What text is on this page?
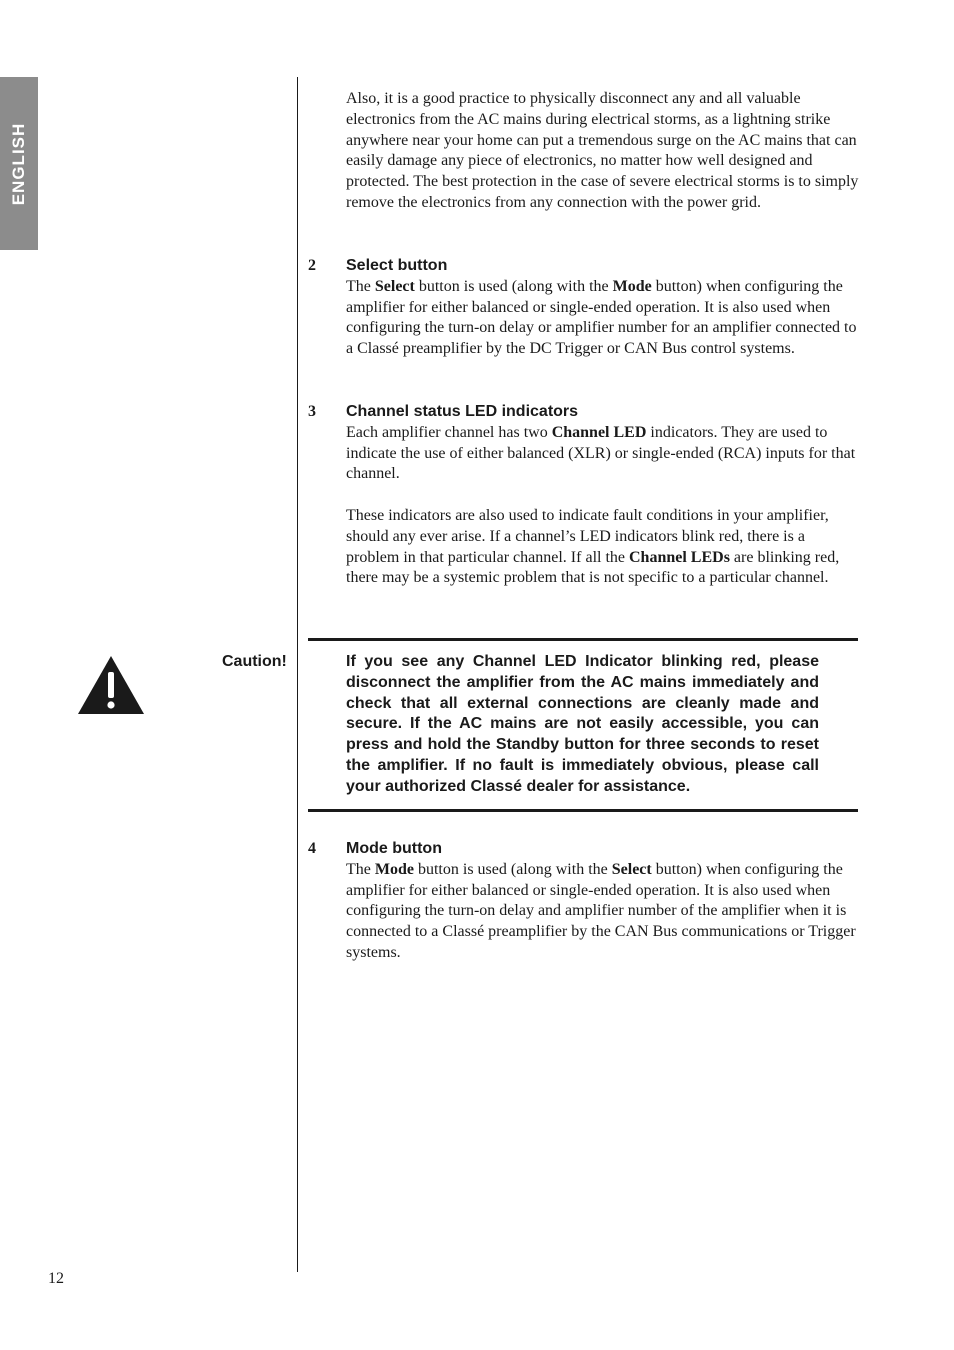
ENGLISH

Also, it is a good practice to physically disconnect any and all valuable electronics from the AC mains during electrical storms, as a lightning strike anywhere near your home can put a tremendous surge on the AC mains that can easily damage any piece of electronics, no matter how well designed and protected. The best protection in the case of severe electrical storms is to simply remove the electronics from any connection with the power grid.

2 Select button

The Select button is used (along with the Mode button) when configuring the amplifier for either balanced or single-ended operation. It is also used when configuring the turn-on delay or amplifier number for an amplifier connected to a Classé preamplifier by the DC Trigger or CAN Bus control systems.

3 Channel status LED indicators

Each amplifier channel has two Channel LED indicators. They are used to indicate the use of either balanced (XLR) or single-ended (RCA) inputs for that channel.

These indicators are also used to indicate fault conditions in your amplifier, should any ever arise. If a channel’s LED indicators blink red, there is a problem in that particular channel. If all the Channel LEDs are blinking red, there may be a systemic problem that is not specific to a particular channel.

Caution!	If you see any Channel LED Indicator blinking red, please disconnect the amplifier from the AC mains immediately and check that all external connections are cleanly made and secure. If the AC mains are not easily accessible, you can press and hold the Standby button for three seconds to reset the amplifier. If no fault is immediately obvious, please call your authorized Classé dealer for assistance.

4 Mode button

The Mode button is used (along with the Select button) when configuring the amplifier for either balanced or single-ended operation. It is also used when configuring the turn-on delay and amplifier number of the amplifier when it is connected to a Classé preamplifier by the CAN Bus communications or Trigger systems.

12
